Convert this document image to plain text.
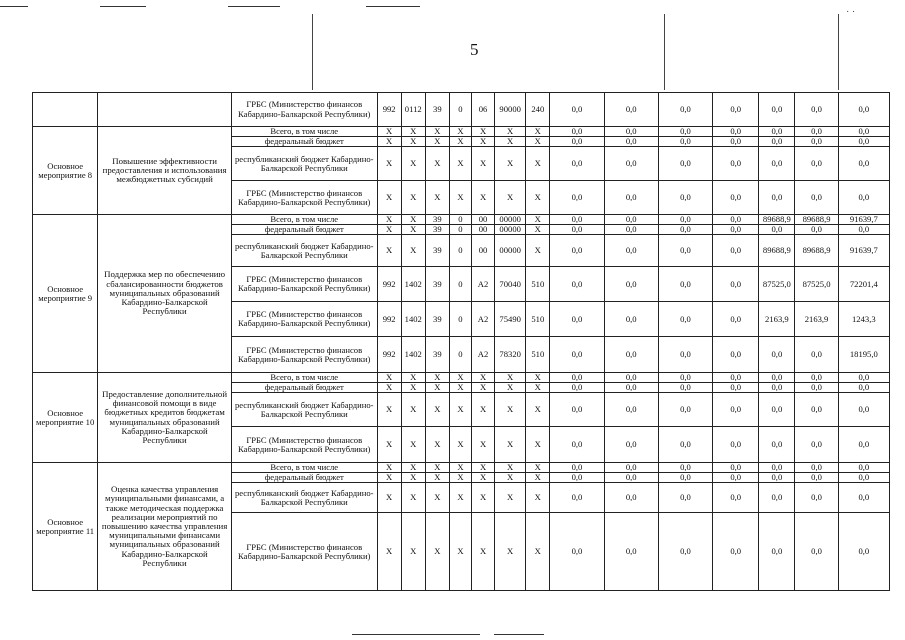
˙ ˙
5
		ГРБС (Министерство финансов Кабардино-Балкарской Республики)	992	0112	39	0	06	90000	240	0,0	0,0	0,0	0,0	0,0	0,0	0,0
Основное мероприятие 8	Повышение эффективности предоставления и использования межбюджетных субсидий	Всего, в том числе	Х	Х	Х	Х	Х	Х	Х	0,0	0,0	0,0	0,0	0,0	0,0	0,0
		федеральный бюджет	Х	Х	Х	Х	Х	Х	Х	0,0	0,0	0,0	0,0	0,0	0,0	0,0
		республиканский бюджет Кабардино-Балкарской Республики	Х	Х	Х	Х	Х	Х	Х	0,0	0,0	0,0	0,0	0,0	0,0	0,0
		ГРБС (Министерство финансов Кабардино-Балкарской Республики)	Х	Х	Х	Х	Х	Х	Х	0,0	0,0	0,0	0,0	0,0	0,0	0,0
Основное мероприятие 9	Поддержка мер по обеспечению сбалансированности бюджетов муниципальных образований Кабардино-Балкарской Республики	Всего, в том числе	Х	Х	39	0	00	00000	Х	0,0	0,0	0,0	0,0	89688,9	89688,9	91639,7
		федеральный бюджет	Х	Х	39	0	00	00000	Х	0,0	0,0	0,0	0,0	0,0	0,0	0,0
		республиканский бюджет Кабардино-Балкарской Республики	Х	Х	39	0	00	00000	Х	0,0	0,0	0,0	0,0	89688,9	89688,9	91639,7
		ГРБС (Министерство финансов Кабардино-Балкарской Республики)	992	1402	39	0	А2	70040	510	0,0	0,0	0,0	0,0	87525,0	87525,0	72201,4
		ГРБС (Министерство финансов Кабардино-Балкарской Республики)	992	1402	39	0	А2	75490	510	0,0	0,0	0,0	0,0	2163,9	2163,9	1243,3
		ГРБС (Министерство финансов Кабардино-Балкарской Республики)	992	1402	39	0	А2	78320	510	0,0	0,0	0,0	0,0	0,0	0,0	18195,0
Основное мероприятие 10	Предоставление дополнительной финансовой помощи в виде бюджетных кредитов бюджетам муниципальных образований Кабардино-Балкарской Республики	Всего, в том числе	Х	Х	Х	Х	Х	Х	Х	0,0	0,0	0,0	0,0	0,0	0,0	0,0
		федеральный бюджет	Х	Х	Х	Х	Х	Х	Х	0,0	0,0	0,0	0,0	0,0	0,0	0,0
		республиканский бюджет Кабардино-Балкарской Республики	Х	Х	Х	Х	Х	Х	Х	0,0	0,0	0,0	0,0	0,0	0,0	0,0
		ГРБС (Министерство финансов Кабардино-Балкарской Республики)	Х	Х	Х	Х	Х	Х	Х	0,0	0,0	0,0	0,0	0,0	0,0	0,0
Основное мероприятие 11	Оценка качества управления муниципальными финансами, а также методическая поддержка реализации мероприятий по повышению качества управления муниципальными финансами муниципальных образований Кабардино-Балкарской Республики	Всего, в том числе	Х	Х	Х	Х	Х	Х	Х	0,0	0,0	0,0	0,0	0,0	0,0	0,0
		федеральный бюджет	Х	Х	Х	Х	Х	Х	Х	0,0	0,0	0,0	0,0	0,0	0,0	0,0
		республиканский бюджет Кабардино-Балкарской Республики	Х	Х	Х	Х	Х	Х	Х	0,0	0,0	0,0	0,0	0,0	0,0	0,0
		ГРБС (Министерство финансов Кабардино-Балкарской Республики)	Х	Х	Х	Х	Х	Х	Х	0,0	0,0	0,0	0,0	0,0	0,0	0,0
